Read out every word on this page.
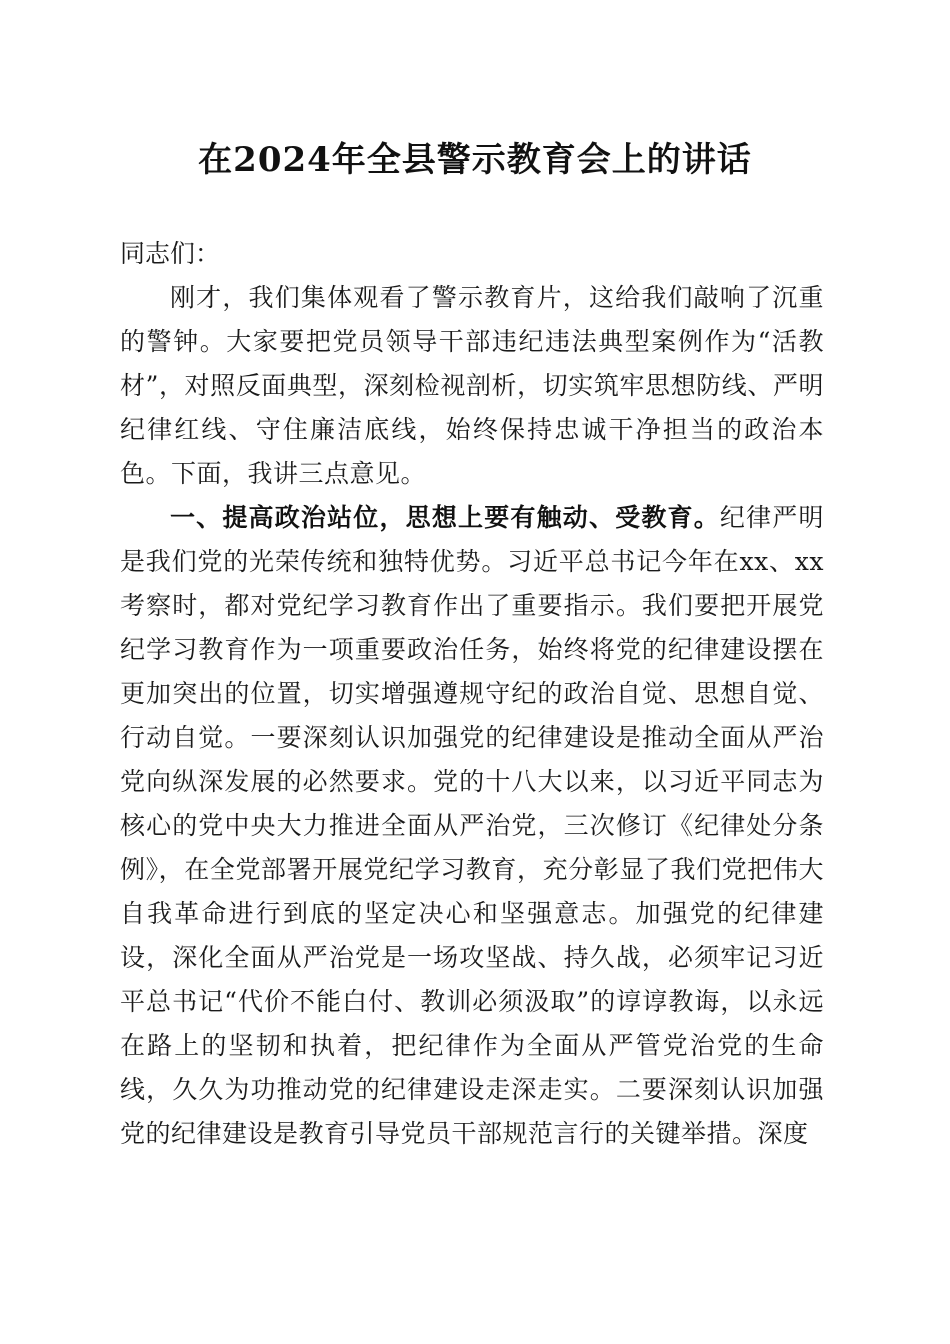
在2024年全县警示教育会上的讲话

同志们：

刚才，我们集体观看了警示教育片，这给我们敲响了沉重的警钟。大家要把党员领导干部违纪违法典型案例作为“活教材”，对照反面典型，深刻检视剖析，切实筑牢思想防线、严明纪律红线、守住廉洁底线，始终保持忠诚干净担当的政治本色。下面，我讲三点意见。

一、提高政治站位，思想上要有触动、受教育。纪律严明是我们党的光荣传统和独特优势。习近平总书记今年在xx、xx考察时，都对党纪学习教育作出了重要指示。我们要把开展党纪学习教育作为一项重要政治任务，始终将党的纪律建设摆在更加突出的位置，切实增强遵规守纪的政治自觉、思想自觉、行动自觉。一要深刻认识加强党的纪律建设是推动全面从严治党向纵深发展的必然要求。党的十八大以来，以习近平同志为核心的党中央大力推进全面从严治党，三次修订《纪律处分条例》，在全党部署开展党纪学习教育，充分彰显了我们党把伟大自我革命进行到底的坚定决心和坚强意志。加强党的纪律建设，深化全面从严治党是一场攻坚战、持久战，必须牢记习近平总书记“代价不能白付、教训必须汲取”的谆谆教诲，以永远在路上的坚韧和执着，把纪律作为全面从严管党治党的生命线，久久为功推动党的纪律建设走深走实。二要深刻认识加强党的纪律建设是教育引导党员干部规范言行的关键举措。深度
